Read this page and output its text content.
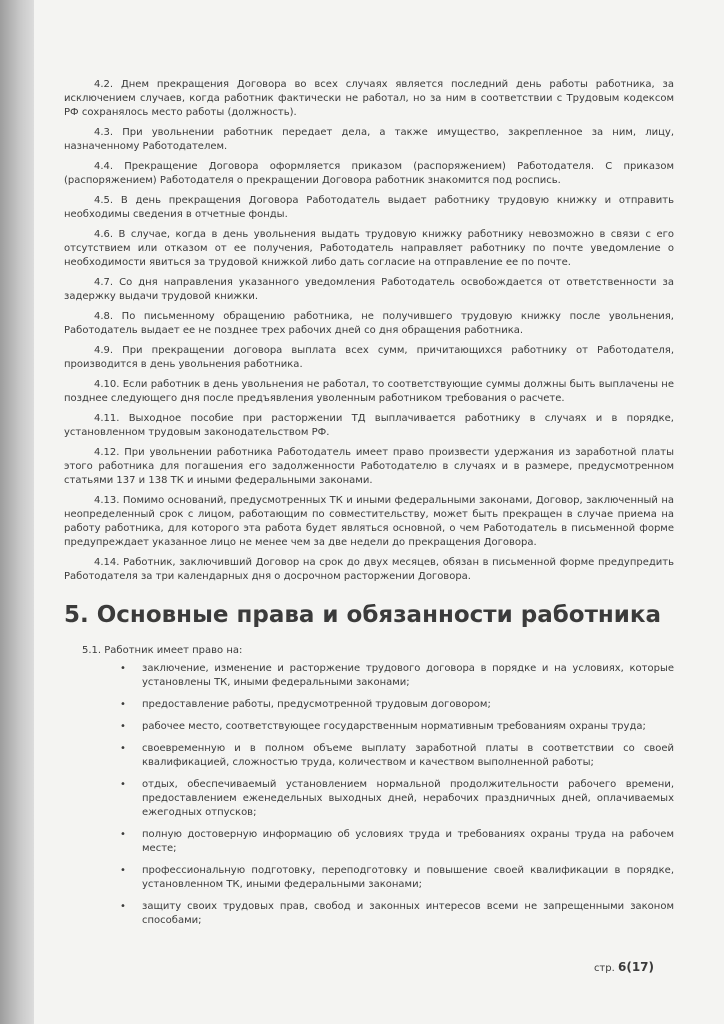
4.2. Днем прекращения Договора во всех случаях является последний день работы работника, за исключением случаев, когда работник фактически не работал, но за ним в соответствии с Трудовым кодексом РФ сохранялось место работы (должность).

4.3. При увольнении работник передает дела, а также имущество, закрепленное за ним, лицу, назначенному Работодателем.

4.4. Прекращение Договора оформляется приказом (распоряжением) Работодателя. С приказом (распоряжением) Работодателя о прекращении Договора работник знакомится под роспись.

4.5. В день прекращения Договора Работодатель выдает работнику трудовую книжку и отправить необходимы сведения в отчетные фонды.

4.6. В случае, когда в день увольнения выдать трудовую книжку работнику невозможно в связи с его отсутствием или отказом от ее получения, Работодатель направляет работнику по почте уведомление о необходимости явиться за трудовой книжкой либо дать согласие на отправление ее по почте.

4.7. Со дня направления указанного уведомления Работодатель освобождается от ответственности за задержку выдачи трудовой книжки.

4.8. По письменному обращению работника, не получившего трудовую книжку после увольнения, Работодатель выдает ее не позднее трех рабочих дней со дня обращения работника.

4.9. При прекращении договора выплата всех сумм, причитающихся работнику от Работодателя, производится в день увольнения работника.

4.10. Если работник в день увольнения не работал, то соответствующие суммы должны быть выплачены не позднее следующего дня после предъявления уволенным работником требования о расчете.

4.11. Выходное пособие при расторжении ТД выплачивается работнику в случаях и в порядке, установленном трудовым законодательством РФ.

4.12. При увольнении работника Работодатель имеет право произвести удержания из заработной платы этого работника для погашения его задолженности Работодателю в случаях и в размере, предусмотренном статьями 137 и 138 ТК и иными федеральными законами.

4.13. Помимо оснований, предусмотренных ТК и иными федеральными законами, Договор, заключенный на неопределенный срок с лицом, работающим по совместительству, может быть прекращен в случае приема на работу работника, для которого эта работа будет являться основной, о чем Работодатель в письменной форме предупреждает указанное лицо не менее чем за две недели до прекращения Договора.

4.14. Работник, заключивший Договор на срок до двух месяцев, обязан в письменной форме предупредить Работодателя за три календарных дня о досрочном расторжении Договора.

5. Основные права и обязанности работника
5.1. Работник имеет право на:
• заключение, изменение и расторжение трудового договора в порядке и на условиях, которые установлены ТК, иными федеральными законами;
• предоставление работы, предусмотренной трудовым договором;
• рабочее место, соответствующее государственным нормативным требованиям охраны труда;
• своевременную и в полном объеме выплату заработной платы в соответствии со своей квалификацией, сложностью труда, количеством и качеством выполненной работы;
• отдых, обеспечиваемый установлением нормальной продолжительности рабочего времени, предоставлением еженедельных выходных дней, нерабочих праздничных дней, оплачиваемых ежегодных отпусков;
• полную достоверную информацию об условиях труда и требованиях охраны труда на рабочем месте;
• профессиональную подготовку, переподготовку и повышение своей квалификации в порядке, установленном ТК, иными федеральными законами;
• защиту своих трудовых прав, свобод и законных интересов всеми не запрещенными законом способами;
стр. 6(17)
